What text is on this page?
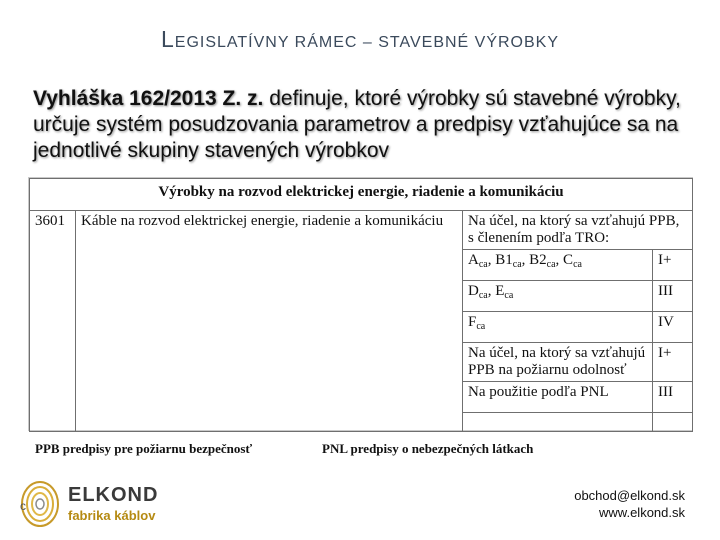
LEGISLATÍVNY RÁMEC – STAVEBNÉ VÝROBKY
Vyhláška 162/2013 Z. z. definuje, ktoré výrobky sú stavebné výrobky, určuje systém posudzovania parametrov a predpisy vzťahujúce sa na jednotlivé skupiny stavených výrobkov
Výrobky na rozvod elektrickej energie, riadenie a komunikáciu			
3601	Káble na rozvod elektrickej energie, riadenie a komunikáciu	Na účel, na ktorý sa vzťahujú PPB, s členením podľa TRO:	
		$A_{ca}$, $B1_{ca}$, $B2_{ca}$, $C_{ca}$	I+
		$D_{ca}$, $E_{ca}$	III
		$F_{ca}$	IV
		Na účel, na ktorý sa vzťahujú PPB na požiarnu odolnosť	I+
		Na použitie podľa PNL	III

PPB predpisy pre požiarnu bezpečnosť	PNL predpisy o nebezpečných látkach
c ELKOND
fabrika káblov
obchod@elkond.sk
www.elkond.sk
